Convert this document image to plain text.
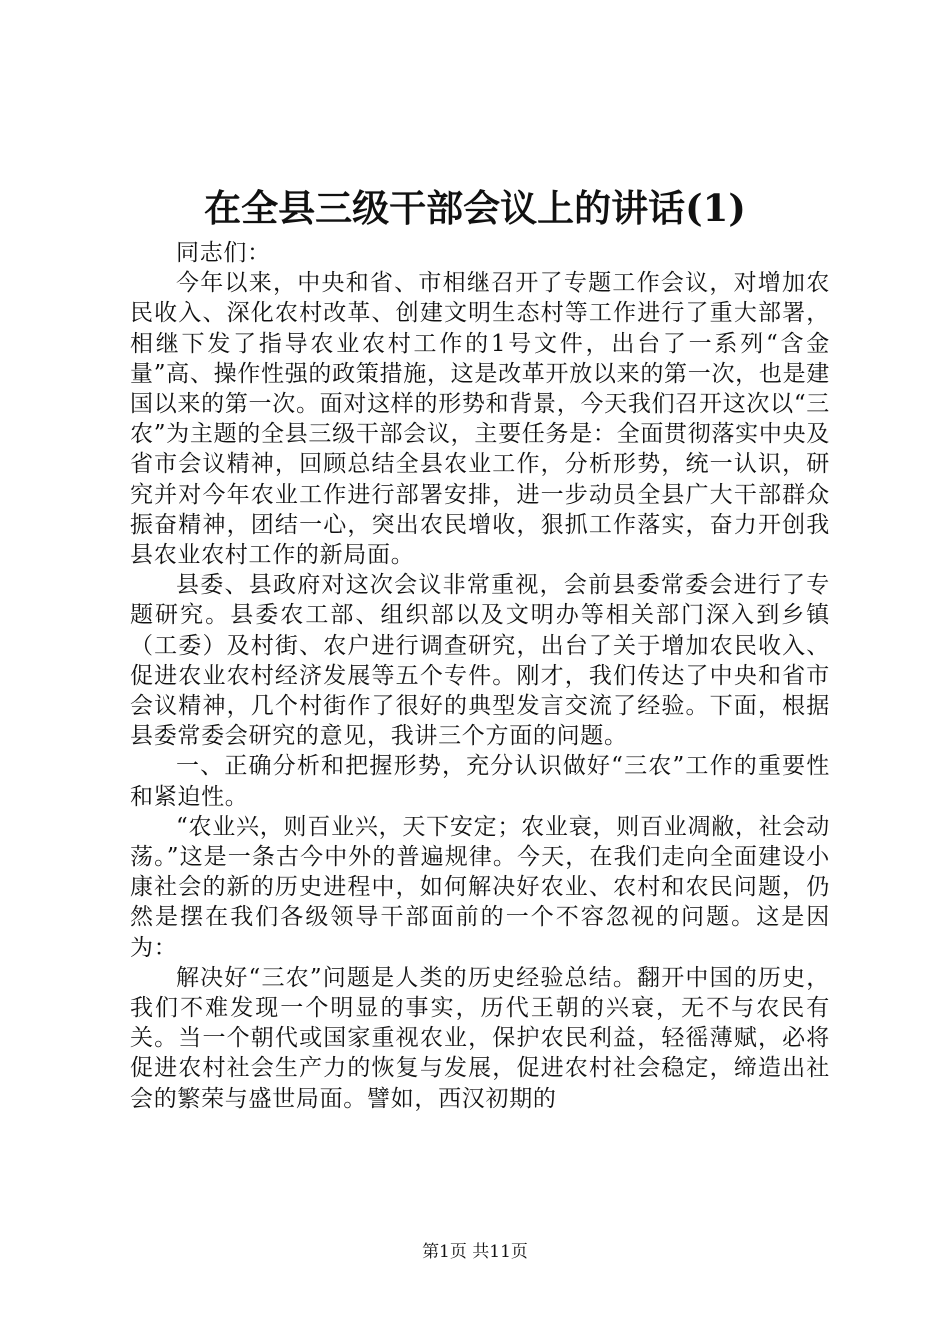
在全县三级干部会议上的讲话(1)

同志们：

今年以来，中央和省、市相继召开了专题工作会议，对增加农民收入、深化农村改革、创建文明生态村等工作进行了重大部署，相继下发了指导农业农村工作的1号文件，出台了一系列“含金量”高、操作性强的政策措施，这是改革开放以来的第一次，也是建国以来的第一次。面对这样的形势和背景，今天我们召开这次以“三农”为主题的全县三级干部会议，主要任务是：全面贯彻落实中央及省市会议精神，回顾总结全县农业工作，分析形势，统一认识，研究并对今年农业工作进行部署安排，进一步动员全县广大干部群众振奋精神，团结一心，突出农民增收，狠抓工作落实，奋力开创我县农业农村工作的新局面。

县委、县政府对这次会议非常重视，会前县委常委会进行了专题研究。县委农工部、组织部以及文明办等相关部门深入到乡镇（工委）及村街、农户进行调查研究，出台了关于增加农民收入、促进农业农村经济发展等五个专件。刚才，我们传达了中央和省市会议精神，几个村街作了很好的典型发言交流了经验。下面，根据县委常委会研究的意见，我讲三个方面的问题。

一、正确分析和把握形势，充分认识做好“三农”工作的重要性和紧迫性。

“农业兴，则百业兴，天下安定；农业衰，则百业凋敝，社会动荡。”这是一条古今中外的普遍规律。今天，在我们走向全面建设小康社会的新的历史进程中，如何解决好农业、农村和农民问题，仍然是摆在我们各级领导干部面前的一个不容忽视的问题。这是因为：

解决好“三农”问题是人类的历史经验总结。翻开中国的历史，我们不难发现一个明显的事实，历代王朝的兴衰，无不与农民有关。当一个朝代或国家重视农业，保护农民利益，轻徭薄赋，必将促进农村社会生产力的恢复与发展，促进农村社会稳定，缔造出社会的繁荣与盛世局面。譬如，西汉初期的

第1页 共11页
